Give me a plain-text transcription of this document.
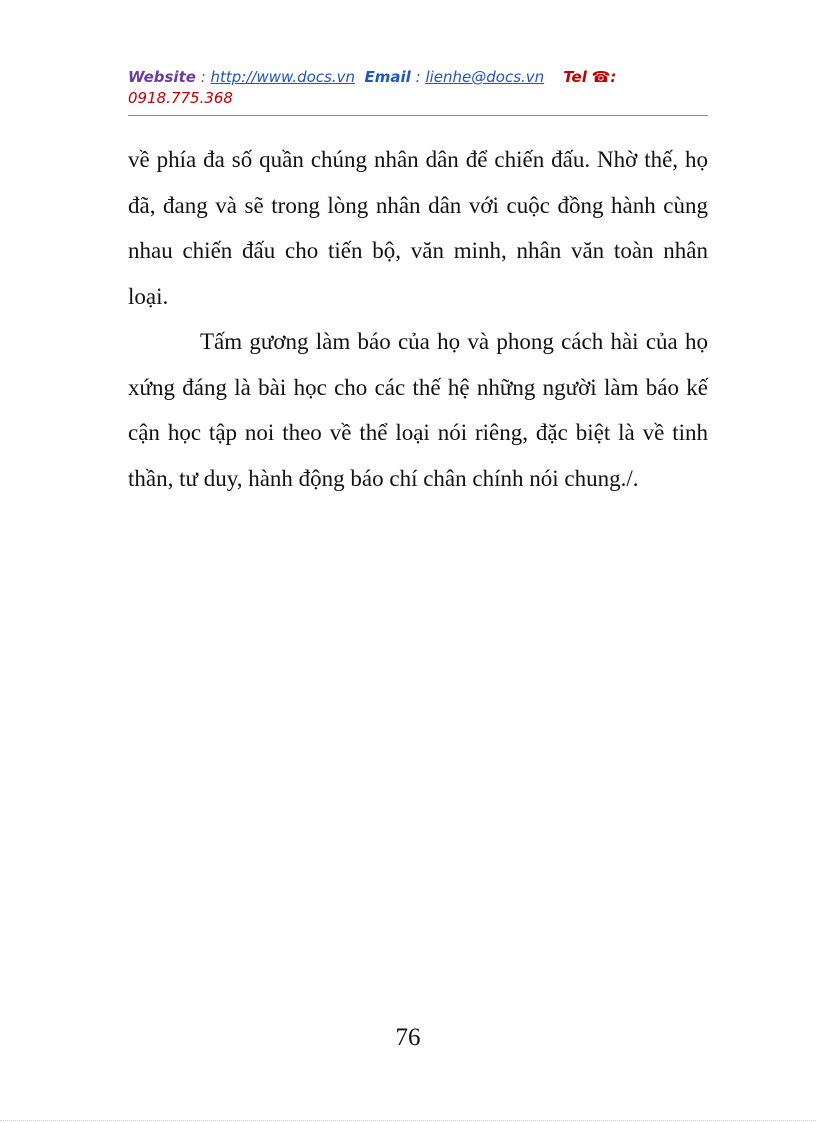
Website : http://www.docs.vn Email : lienhe@docs.vn Tel ☎:
0918.775.368

về phía đa số quần chúng nhân dân để chiến đấu. Nhờ thế, họ đã, đang và sẽ trong lòng nhân dân với cuộc đồng hành cùng nhau chiến đấu cho tiến bộ, văn minh, nhân văn toàn nhân loại.

Tấm gương làm báo của họ và phong cách hài của họ xứng đáng là bài học cho các thế hệ những người làm báo kế cận học tập noi theo về thể loại nói riêng, đặc biệt là về tinh thần, tư duy, hành động báo chí chân chính nói chung./.

76
